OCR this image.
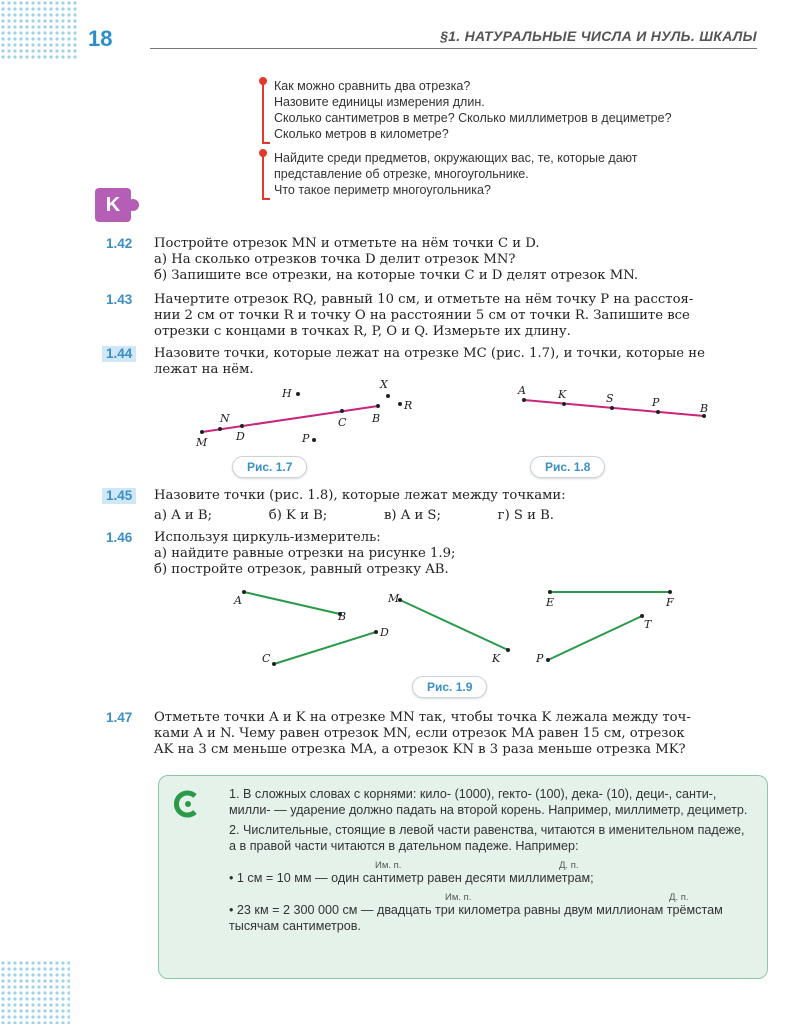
18	§1. НАТУРАЛЬНЫЕ ЧИСЛА И НУЛЬ. ШКАЛЫ
Как можно сравнить два отрезка?
Назовите единицы измерения длин.
Сколько сантиметров в метре? Сколько миллиметров в дециметре?
Сколько метров в километре?
Найдите среди предметов, окружающих вас, те, которые дают
представление об отрезке, многоугольнике.
Что такое периметр многоугольника?
K
1.42 Постройте отрезок MN и отметьте на нём точки C и D.
а) На сколько отрезков точка D делит отрезок MN?
б) Запишите все отрезки, на которые точки C и D делят отрезок MN.
1.43 Начертите отрезок RQ, равный 10 см, и отметьте на нём точку P на расстоя-
нии 2 см от точки R и точку O на расстоянии 5 см от точки R. Запишите все
отрезки с концами в точках R, P, O и Q. Измерьте их длину.
1.44	Назовите точки, которые лежат на отрезке MC (рис. 1.7), и точки, которые не
лежат на нём.
H
X
R
N
M	D
C B
P
Рис. 1.7
A	K	S	P	B
Рис. 1.8
1.45	Назовите точки (рис. 1.8), которые лежат между точками:
а) A и B;	б) K и B;	в) A и S;	г) S и B.
1.46 Используя циркуль-измеритель:
а) найдите равные отрезки на рисунке 1.9;
б) постройте отрезок, равный отрезку AB.
A
B
C
D
M
K
E	F
T
P
Рис. 1.9
1.47 Отметьте точки A и K на отрезке MN так, чтобы точка K лежала между точ-
ками A и N. Чему равен отрезок MN, если отрезок MA равен 15 см, отрезок
AK на 3 см меньше отрезка MA, а отрезок KN в 3 раза меньше отрезка MK?

1. В сложных словах с корнями: кило- (1000), гекто- (100), дека- (10), деци-, санти-, милли- — ударение должно падать на второй корень. Например, миллиметр, дециметр.

2. Числительные, стоящие в левой части равенства, читаются в именительном падеже, а в правой части читаются в дательном падеже. Например:

Им. п.	Д. п.

• 1 см = 10 мм — один сантиметр равен десяти миллиметрам;

Им. п.	Д. п.

• 23 км = 2 300 000 см — двадцать три километра равны двум миллионам трёмстам тысячам сантиметров.
